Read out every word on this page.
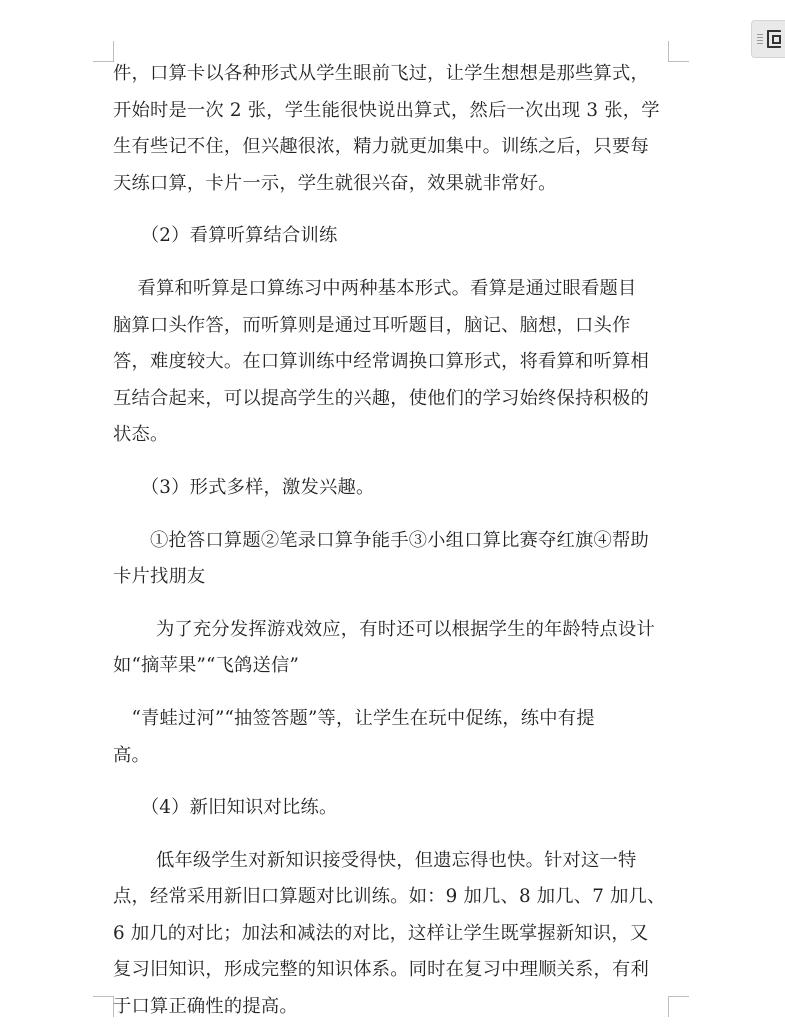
件，口算卡以各种形式从学生眼前飞过，让学生想想是那些算式，
开始时是一次 2 张，学生能很快说出算式，然后一次出现 3 张，学
生有些记不住，但兴趣很浓，精力就更加集中。训练之后，只要每
天练口算，卡片一示，学生就很兴奋，效果就非常好。
　　（2）看算听算结合训练
　 看算和听算是口算练习中两种基本形式。看算是通过眼看题目
脑算口头作答，而听算则是通过耳听题目，脑记、脑想，口头作
答，难度较大。在口算训练中经常调换口算形式，将看算和听算相
互结合起来，可以提高学生的兴趣，使他们的学习始终保持积极的
状态。
　　（3）形式多样，激发兴趣。
　　①抢答口算题②笔录口算争能手③小组口算比赛夺红旗④帮助
卡片找朋友
　　 为了充分发挥游戏效应，有时还可以根据学生的年龄特点设计
如“摘苹果”“飞鸽送信”
　“青蛙过河”“抽签答题”等，让学生在玩中促练，练中有提
高。
　　（4）新旧知识对比练。
　　 低年级学生对新知识接受得快，但遗忘得也快。针对这一特
点，经常采用新旧口算题对比训练。如：9 加几、8 加几、7 加几、
6 加几的对比；加法和减法的对比，这样让学生既掌握新知识，又
复习旧知识，形成完整的知识体系。同时在复习中理顺关系，有利
于口算正确性的提高。
